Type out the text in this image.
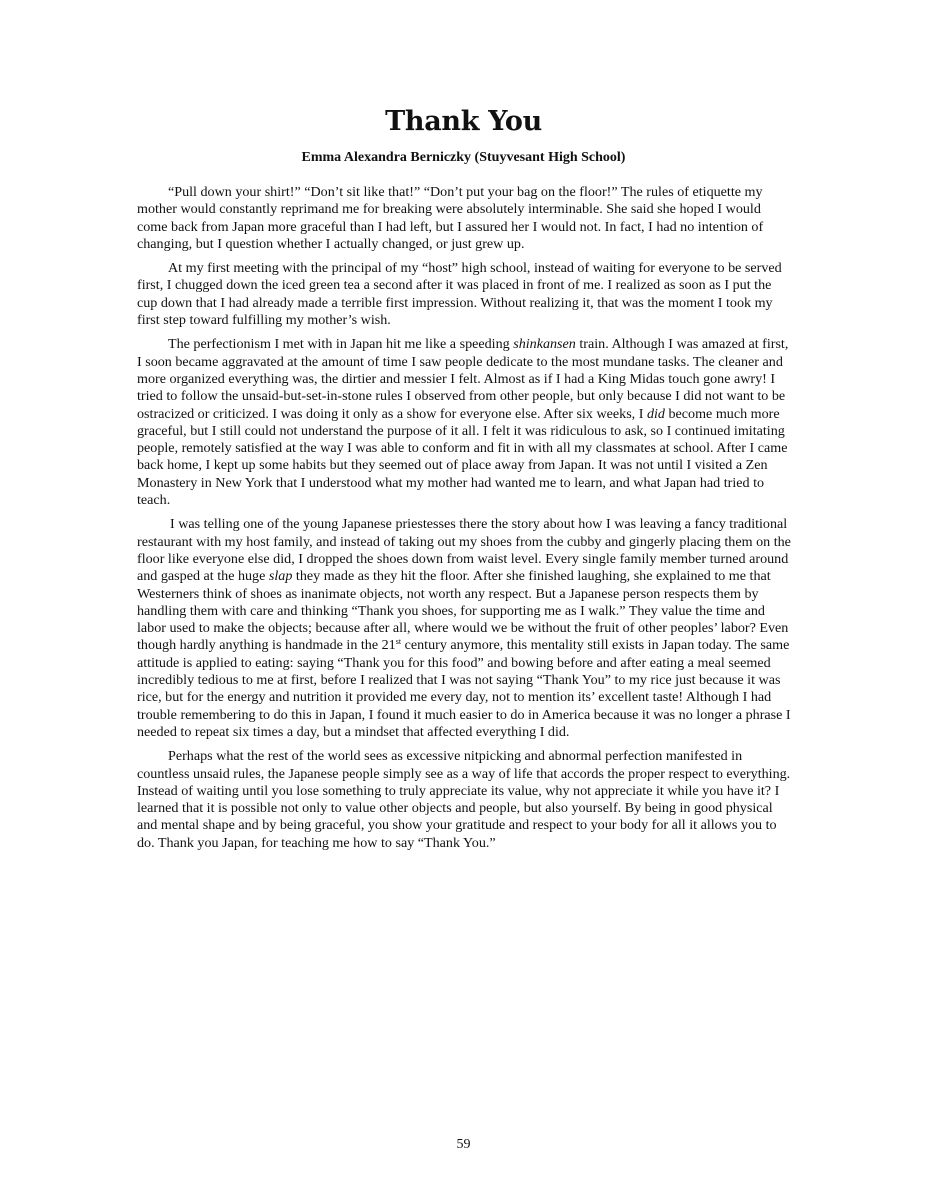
Thank You
Emma Alexandra Berniczky (Stuyvesant High School)

“Pull down your shirt!” “Don’t sit like that!” “Don’t put your bag on the floor!” The rules of etiquette my mother would constantly reprimand me for breaking were absolutely interminable. She said she hoped I would come back from Japan more graceful than I had left, but I assured her I would not. In fact, I had no intention of changing, but I question whether I actually changed, or just grew up.

At my first meeting with the principal of my “host” high school, instead of waiting for everyone to be served first, I chugged down the iced green tea a second after it was placed in front of me. I realized as soon as I put the cup down that I had already made a terrible first impression. Without realizing it, that was the moment I took my first step toward fulfilling my mother’s wish.

The perfectionism I met with in Japan hit me like a speeding shinkansen train. Although I was amazed at first, I soon became aggravated at the amount of time I saw people dedicate to the most mundane tasks. The cleaner and more organized everything was, the dirtier and messier I felt. Almost as if I had a King Midas touch gone awry! I tried to follow the unsaid-but-set-in-stone rules I observed from other people, but only because I did not want to be ostracized or criticized. I was doing it only as a show for everyone else. After six weeks, I did become much more graceful, but I still could not understand the purpose of it all. I felt it was ridiculous to ask, so I continued imitating people, remotely satisfied at the way I was able to conform and fit in with all my classmates at school. After I came back home, I kept up some habits but they seemed out of place away from Japan. It was not until I visited a Zen Monastery in New York that I understood what my mother had wanted me to learn, and what Japan had tried to teach.

I was telling one of the young Japanese priestesses there the story about how I was leaving a fancy traditional restaurant with my host family, and instead of taking out my shoes from the cubby and gingerly placing them on the floor like everyone else did, I dropped the shoes down from waist level. Every single family member turned around and gasped at the huge slap they made as they hit the floor. After she finished laughing, she explained to me that Westerners think of shoes as inanimate objects, not worth any respect. But a Japanese person respects them by handling them with care and thinking “Thank you shoes, for supporting me as I walk.” They value the time and labor used to make the objects; because after all, where would we be without the fruit of other peoples’ labor? Even though hardly anything is handmade in the 21st century anymore, this mentality still exists in Japan today. The same attitude is applied to eating: saying “Thank you for this food” and bowing before and after eating a meal seemed incredibly tedious to me at first, before I realized that I was not saying “Thank You” to my rice just because it was rice, but for the energy and nutrition it provided me every day, not to mention its’ excellent taste! Although I had trouble remembering to do this in Japan, I found it much easier to do in America because it was no longer a phrase I needed to repeat six times a day, but a mindset that affected everything I did.

Perhaps what the rest of the world sees as excessive nitpicking and abnormal perfection manifested in countless unsaid rules, the Japanese people simply see as a way of life that accords the proper respect to everything. Instead of waiting until you lose something to truly appreciate its value, why not appreciate it while you have it? I learned that it is possible not only to value other objects and people, but also yourself. By being in good physical and mental shape and by being graceful, you show your gratitude and respect to your body for all it allows you to do. Thank you Japan, for teaching me how to say “Thank You.”

59
